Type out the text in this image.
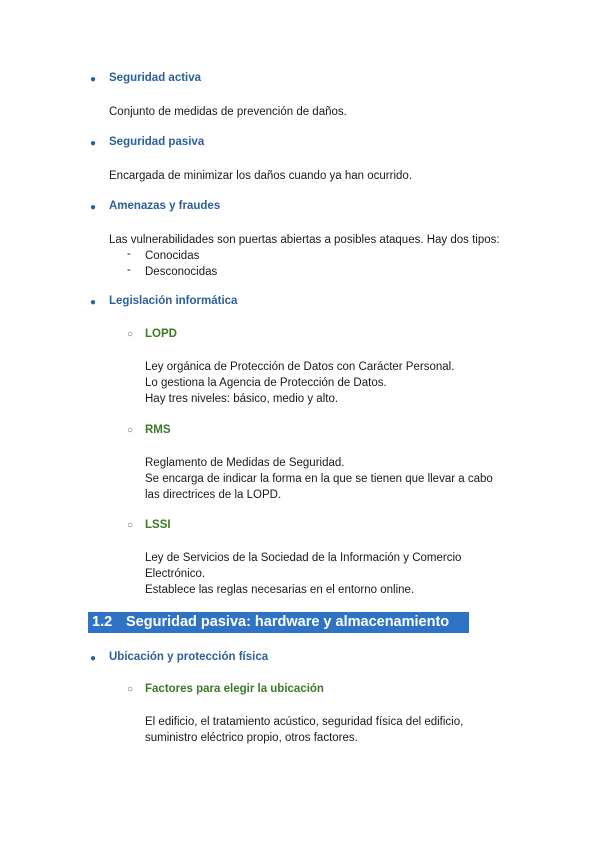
● Seguridad activa
Conjunto de medidas de prevención de daños.
● Seguridad pasiva
Encargada de minimizar los daños cuando ya han ocurrido.
● Amenazas y fraudes
Las vulnerabilidades son puertas abiertas a posibles ataques. Hay dos tipos:
- Conocidas
- Desconocidas
● Legislación informática
○ LOPD
Ley orgánica de Protección de Datos con Carácter Personal.
Lo gestiona la Agencia de Protección de Datos.
Hay tres niveles: básico, medio y alto.
○ RMS
Reglamento de Medidas de Seguridad.
Se encarga de indicar la forma en la que se tienen que llevar a cabo
las directrices de la LOPD.
○ LSSI
Ley de Servicios de la Sociedad de la Información y Comercio
Electrónico.
Establece las reglas necesarias en el entorno online.
1.2 Seguridad pasiva: hardware y almacenamiento
● Ubicación y protección física
○ Factores para elegir la ubicación
El edificio, el tratamiento acústico, seguridad física del edificio,
suministro eléctrico propio, otros factores.
